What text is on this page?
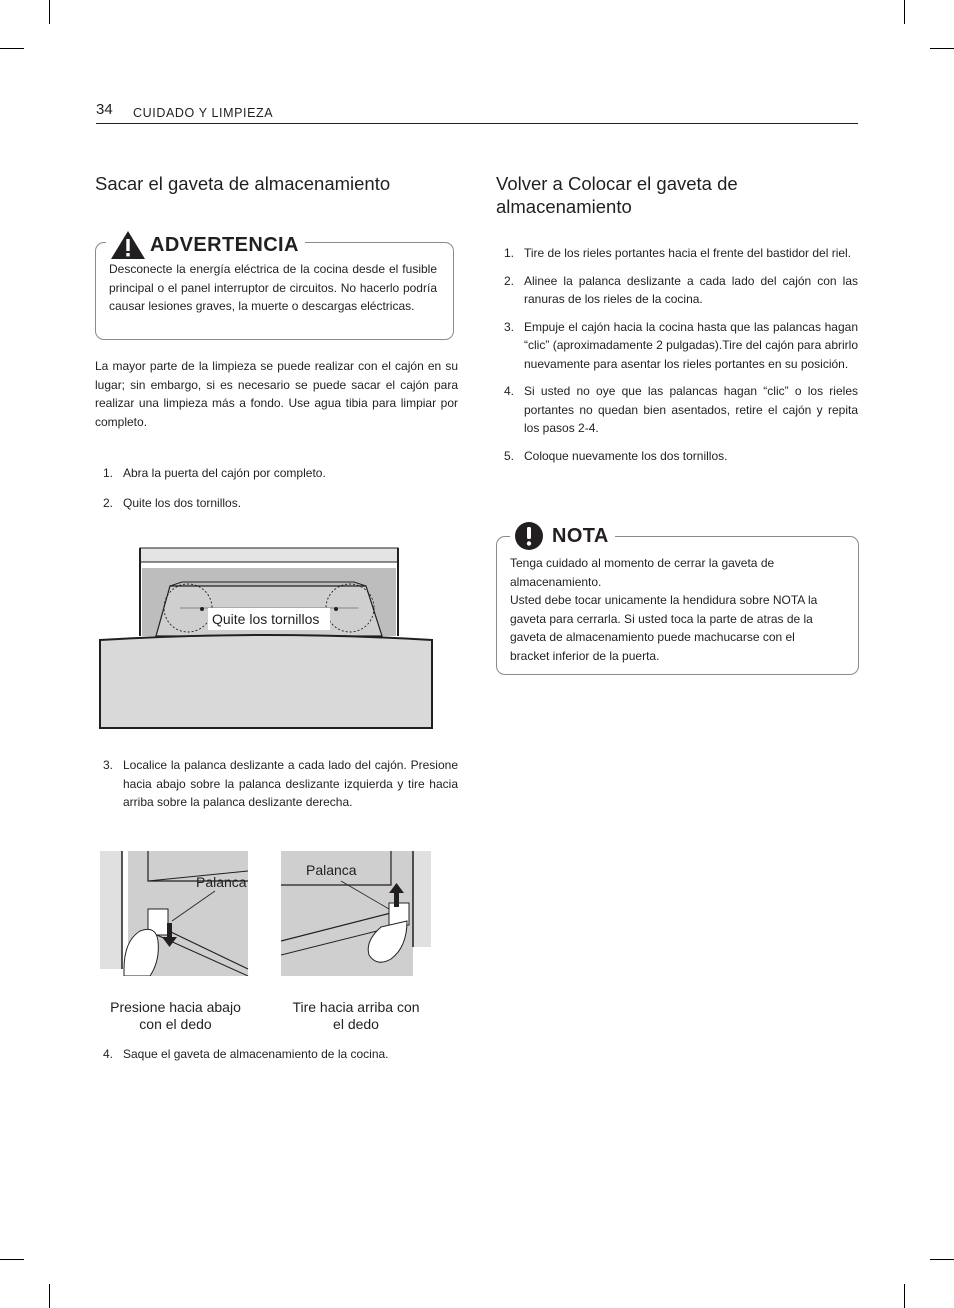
34 CUIDADO Y LIMPIEZA
Sacar el gaveta de almacenamiento
ADVERTENCIA
Desconecte la energía eléctrica de la cocina desde el fusible principal o el panel interruptor de circuitos. No hacerlo podría causar lesiones graves, la muerte o descargas eléctricas.
La mayor parte de la limpieza se puede realizar con el cajón en su lugar; sin embargo, si es necesario se puede sacar el cajón para realizar una limpieza más a fondo. Use agua tibia para limpiar por completo.
1. Abra la puerta del cajón por completo.
2. Quite los dos tornillos.
Quite los tornillos
3. Localice la palanca deslizante a cada lado del cajón. Presione hacia abajo sobre la palanca deslizante izquierda y tire hacia arriba sobre la palanca deslizante derecha.
Palanca
Palanca
Presione hacia abajo con el dedo
Tire hacia arriba con el dedo
4. Saque el gaveta de almacenamiento de la cocina.
Volver a Colocar el gaveta de almacenamiento
1. Tire de los rieles portantes hacia el frente del bastidor del riel.
2. Alinee la palanca deslizante a cada lado del cajón con las ranuras de los rieles de la cocina.
3. Empuje el cajón hacia la cocina hasta que las palancas hagan “clic” (aproximadamente 2 pulgadas).Tire del cajón para abrirlo nuevamente para asentar los rieles portantes en su posición.
4. Si usted no oye que las palancas hagan “clic” o los rieles portantes no quedan bien asentados, retire el cajón y repita los pasos 2-4.
5. Coloque nuevamente los dos tornillos.
NOTA
Tenga cuidado al momento de cerrar la gaveta de almacenamiento.
Usted debe tocar unicamente la hendidura sobre NOTA la gaveta para cerrarla. Si usted toca la parte de atras de la gaveta de almacenamiento puede machucarse con el bracket inferior de la puerta.
